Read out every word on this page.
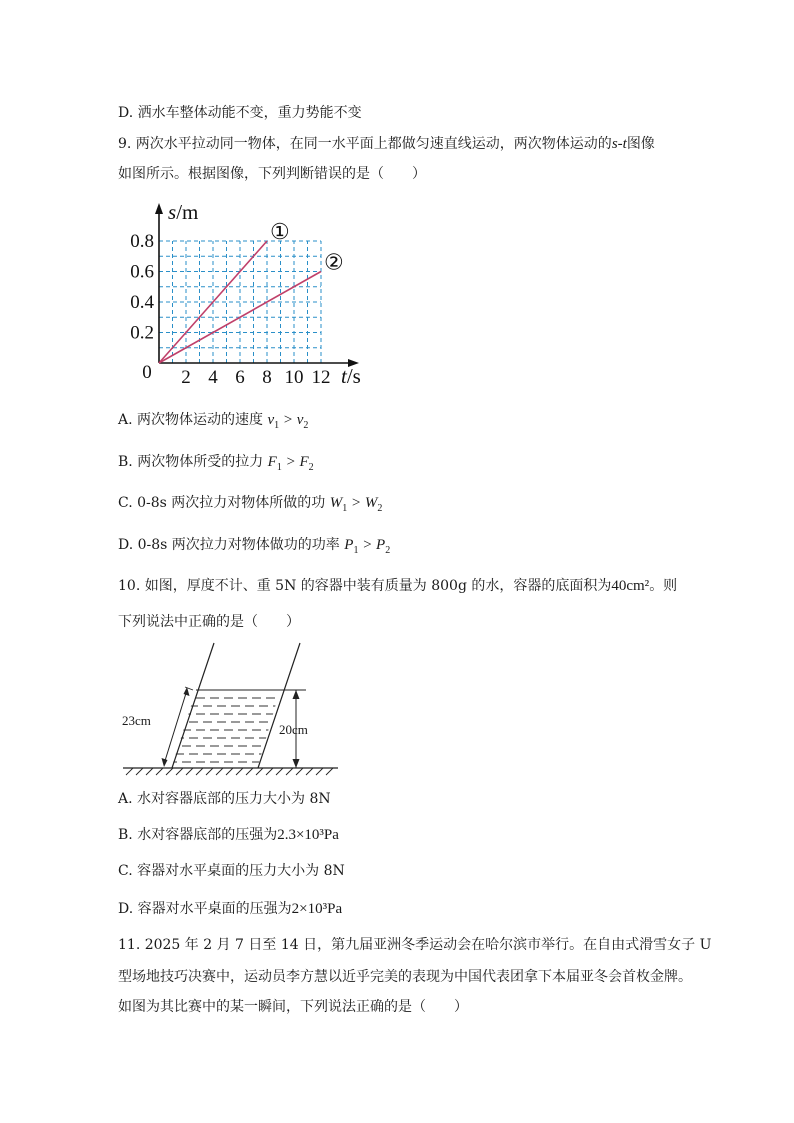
D. 洒水车整体动能不变，重力势能不变
9. 两次水平拉动同一物体，在同一水平面上都做匀速直线运动，两次物体运动的s-t图像
如图所示。根据图像，下列判断错误的是（　　）
2 4 6 8 10 12
0.8
0.6
0.4
0.2
0
s/m
t/s
①
②
A. 两次物体运动的速度 $v_1 > v_2$
B. 两次物体所受的拉力 $F_1 > F_2$
C. 0-8s 两次拉力对物体所做的功 $W_1 > W_2$
D. 0-8s 两次拉力对物体做功的功率 $P_1 > P_2$
10. 如图，厚度不计、重 5N 的容器中装有质量为 800g 的水，容器的底面积为40cm²。则
下列说法中正确的是（　　）
23cm
20cm
A. 水对容器底部的压力大小为 8N
B. 水对容器底部的压强为2.3×10³Pa
C. 容器对水平桌面的压力大小为 8N
D. 容器对水平桌面的压强为2×10³Pa
11. 2025 年 2 月 7 日至 14 日，第九届亚洲冬季运动会在哈尔滨市举行。在自由式滑雪女子 U
型场地技巧决赛中，运动员李方慧以近乎完美的表现为中国代表团拿下本届亚冬会首枚金牌。
如图为其比赛中的某一瞬间，下列说法正确的是（　　）
